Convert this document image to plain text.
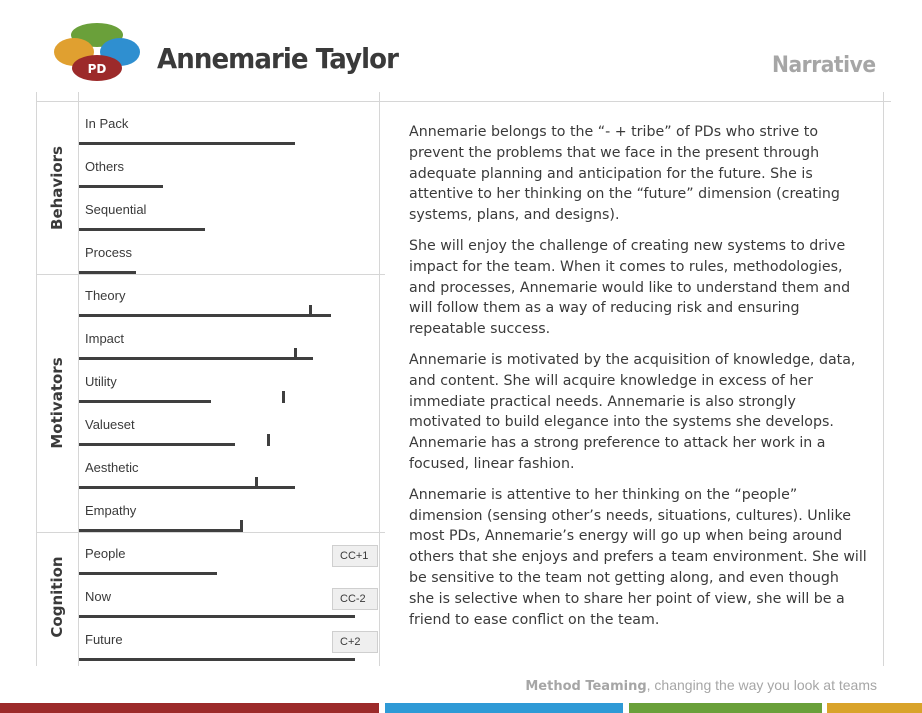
PD Annemarie Taylor	Narrative
Behaviors
Motivators
Cognition
In Pack
Others
Sequential
Process
Theory
Impact
Utility
Valueset
Aesthetic
Empathy
People	CC+1
Now	CC-2
Future	C+2

Annemarie belongs to the “- + tribe” of PDs who strive to prevent the problems that we face in the present through adequate planning and anticipation for the future. She is attentive to her thinking on the “future” dimension (creating systems, plans, and designs).

She will enjoy the challenge of creating new systems to drive impact for the team. When it comes to rules, methodologies, and processes, Annemarie would like to understand them and will follow them as a way of reducing risk and ensuring repeatable success.

Annemarie is motivated by the acquisition of knowledge, data, and content. She will acquire knowledge in excess of her immediate practical needs. Annemarie is also strongly motivated to build elegance into the systems she develops. Annemarie has a strong preference to attack her work in a focused, linear fashion.

Annemarie is attentive to her thinking on the “people” dimension (sensing other’s needs, situations, cultures). Unlike most PDs, Annemarie’s energy will go up when being around others that she enjoys and prefers a team environment. She will be sensitive to the team not getting along, and even though she is selective when to share her point of view, she will be a friend to ease conflict on the team.

Method Teaming, changing the way you look at teams
